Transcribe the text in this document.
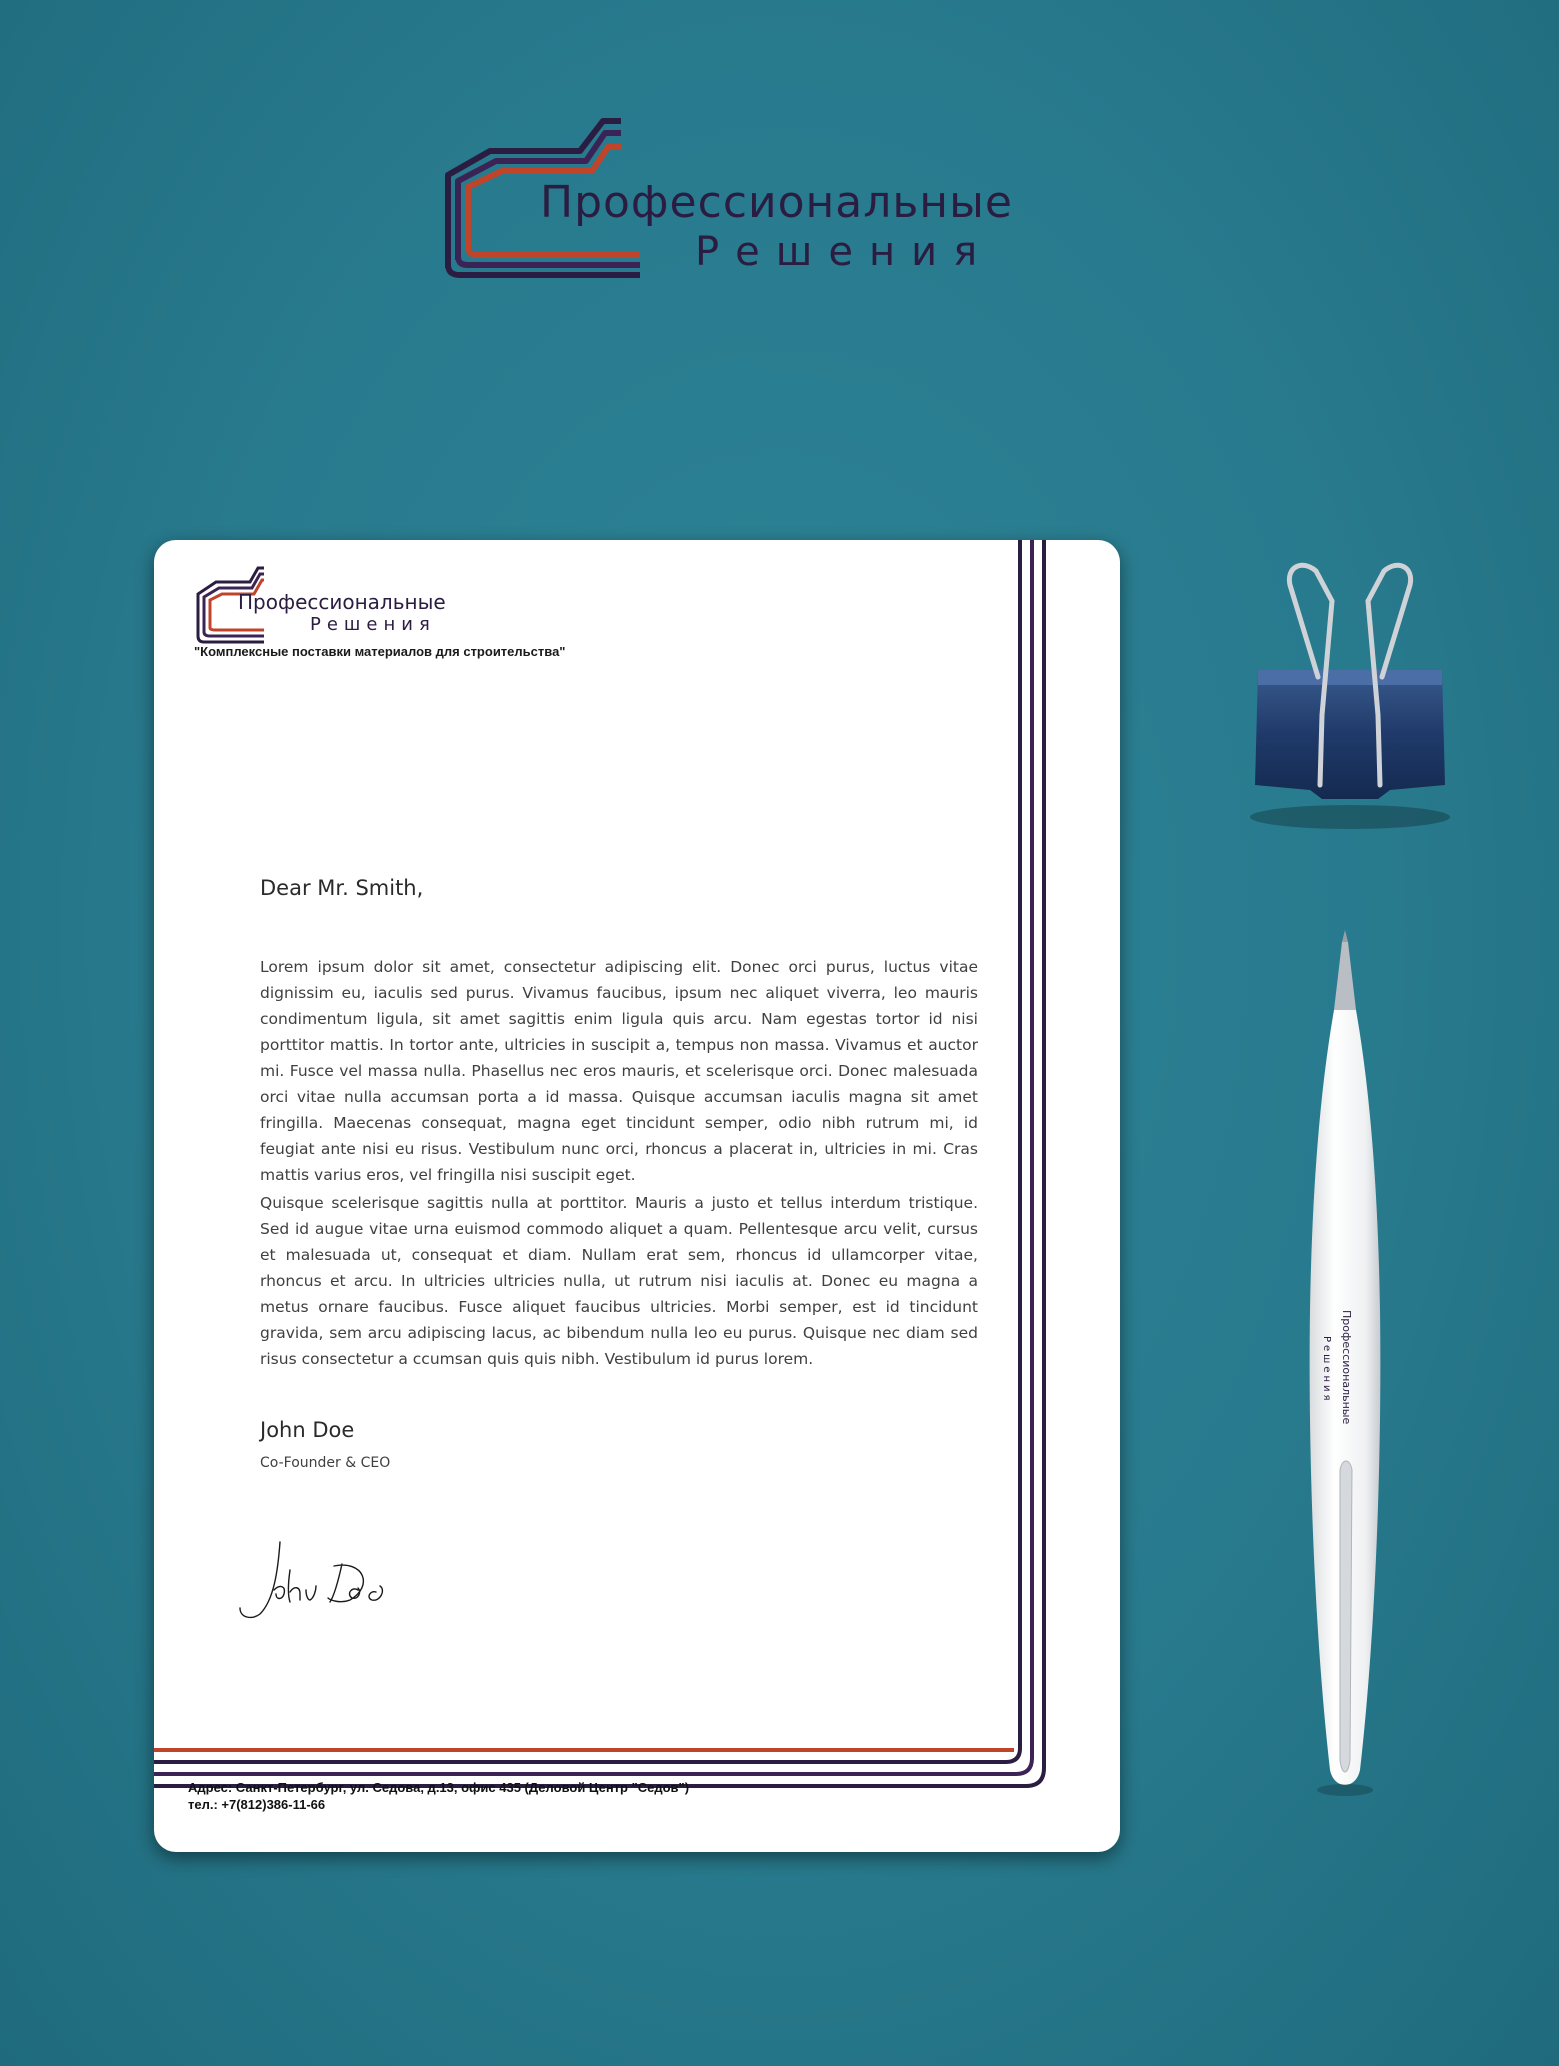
Профессиональные
Решения
Профессиональные
Решения
"Комплексные поставки материалов для строительства"
Dear Mr. Smith,
Lorem ipsum dolor sit amet, consectetur adipiscing elit. Donec orci purus, luctus vitae dignissim eu, iaculis sed purus. Vivamus faucibus, ipsum nec aliquet viverra, leo mauris condimentum ligula, sit amet sagittis enim ligula quis arcu. Nam egestas tortor id nisi porttitor mattis. In tortor ante, ultricies in suscipit a, tempus non massa. Vivamus et auctor mi. Fusce vel massa nulla. Phasellus nec eros mauris, et scelerisque orci. Donec malesuada orci vitae nulla accumsan porta a id massa. Quisque accumsan iaculis magna sit amet fringilla. Maecenas consequat, magna eget tincidunt semper, odio nibh rutrum mi, id feugiat ante nisi eu risus. Vestibulum nunc orci, rhoncus a placerat in, ultricies in mi. Cras mattis varius eros, vel fringilla nisi suscipit eget.
Quisque scelerisque sagittis nulla at porttitor. Mauris a justo et tellus interdum tristique. Sed id augue vitae urna euismod commodo aliquet a quam. Pellentesque arcu velit, cursus et malesuada ut, consequat et diam. Nullam erat sem, rhoncus id ullamcorper vitae, rhoncus et arcu. In ultricies ultricies nulla, ut rutrum nisi iaculis at. Donec eu magna a metus ornare faucibus. Fusce aliquet faucibus ultricies. Morbi semper, est id tincidunt gravida, sem arcu adipiscing lacus, ac bibendum nulla leo eu purus. Quisque nec diam sed risus consectetur a ccumsan quis quis nibh. Vestibulum id purus lorem.
John Doe
Co-Founder & CEO
Адрес: Санкт-Петербург, ул. Седова, д.13, офис 435 (Деловой Центр "Седов")
тел.: +7(812)386-11-66
Профессиональные
Решения
